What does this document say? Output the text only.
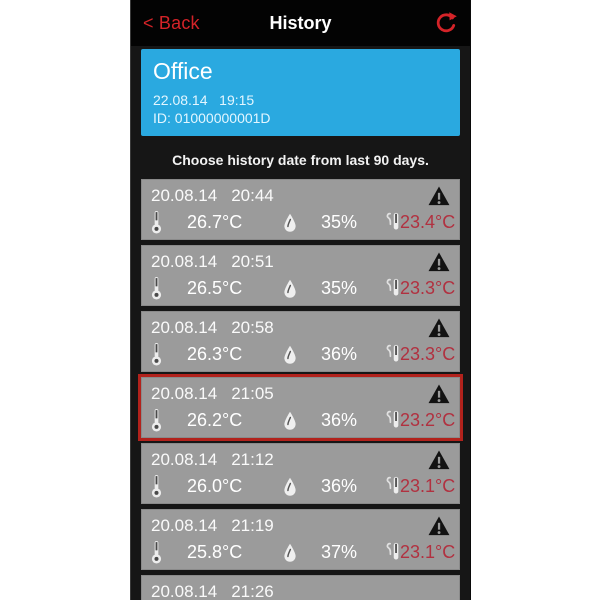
< Back	History
Office
22.08.14 19:15
ID: 01000000001D
Choose history date from last 90 days.
20.08.14 20:44
26.7°C	35%	23.4°C
20.08.14 20:51
26.5°C	35%	23.3°C
20.08.14 20:58
26.3°C	36%	23.3°C
20.08.14 21:05
26.2°C	36%	23.2°C
20.08.14 21:12
26.0°C	36%	23.1°C
20.08.14 21:19
25.8°C	37%	23.1°C
20.08.14 21:26
